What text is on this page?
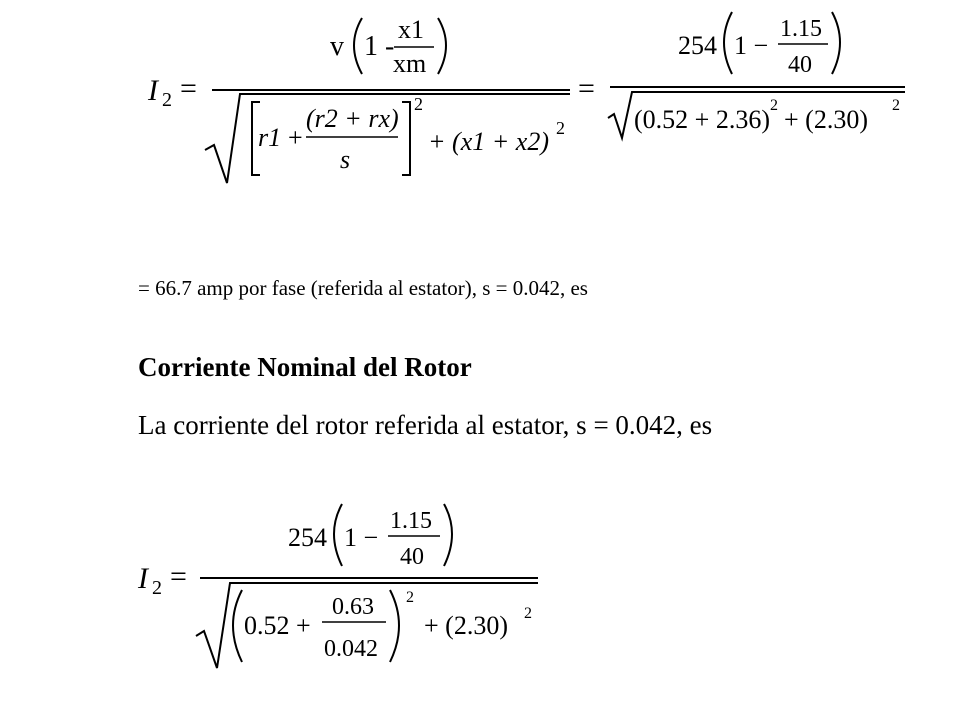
I 2 =
v 1 -
x1
xm
r1 +
(r2 + rx)
s
2
+ (x1 + x2) 2
=
254 1 −
1.15
40
(0.52 + 2.36) 2 + (2.30) 2
= 66.7 amp por fase (referida al estator), s = 0.042, es
Corriente Nominal del Rotor
La corriente del rotor referida al estator, s = 0.042, es
I 2 =
254 1 −
1.15
40
0.52 +
0.63
0.042
2
+ (2.30) 2
